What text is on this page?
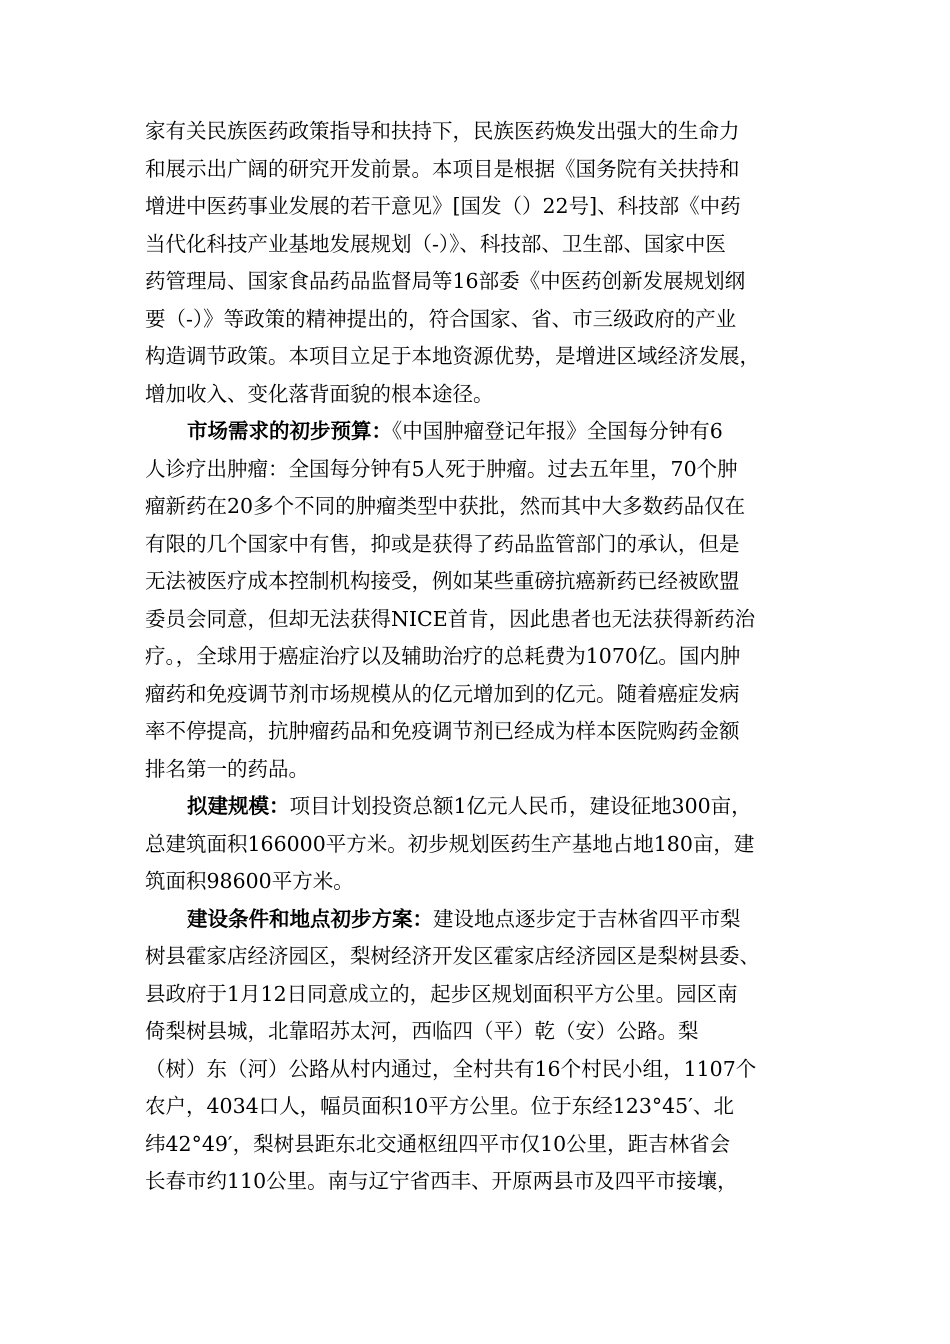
家有关民族医药政策指导和扶持下，民族医药焕发出强大的生命力
和展示出广阔的研究开发前景。本项目是根据《国务院有关扶持和
增进中医药事业发展的若干意见》[国发（）22号]、科技部《中药
当代化科技产业基地发展规划（-）》、科技部、卫生部、国家中医
药管理局、国家食品药品监督局等16部委《中医药创新发展规划纲
要（-）》等政策的精神提出的，符合国家、省、市三级政府的产业
构造调节政策。本项目立足于本地资源优势，是增进区域经济发展，
增加收入、变化落背面貌的根本途径。
市场需求的初步预算：《中国肿瘤登记年报》全国每分钟有6
人诊疗出肿瘤：全国每分钟有5人死于肿瘤。过去五年里，70个肿
瘤新药在20多个不同的肿瘤类型中获批，然而其中大多数药品仅在
有限的几个国家中有售，抑或是获得了药品监管部门的承认，但是
无法被医疗成本控制机构接受，例如某些重磅抗癌新药已经被欧盟
委员会同意，但却无法获得NICE首肯，因此患者也无法获得新药治
疗。，全球用于癌症治疗以及辅助治疗的总耗费为1070亿。国内肿
瘤药和免疫调节剂市场规模从的亿元增加到的亿元。随着癌症发病
率不停提高，抗肿瘤药品和免疫调节剂已经成为样本医院购药金额
排名第一的药品。
拟建规模：项目计划投资总额1亿元人民币，建设征地300亩，
总建筑面积166000平方米。初步规划医药生产基地占地180亩，建
筑面积98600平方米。
建设条件和地点初步方案：建设地点逐步定于吉林省四平市梨
树县霍家店经济园区，梨树经济开发区霍家店经济园区是梨树县委、
县政府于1月12日同意成立的，起步区规划面积平方公里。园区南
倚梨树县城，北靠昭苏太河，西临四（平）乾（安）公路。梨
（树）东（河）公路从村内通过，全村共有16个村民小组，1107个
农户，4034口人，幅员面积10平方公里。位于东经123°45′、北
纬42°49′，梨树县距东北交通枢纽四平市仅10公里，距吉林省会
长春市约110公里。南与辽宁省西丰、开原两县市及四平市接壤，
